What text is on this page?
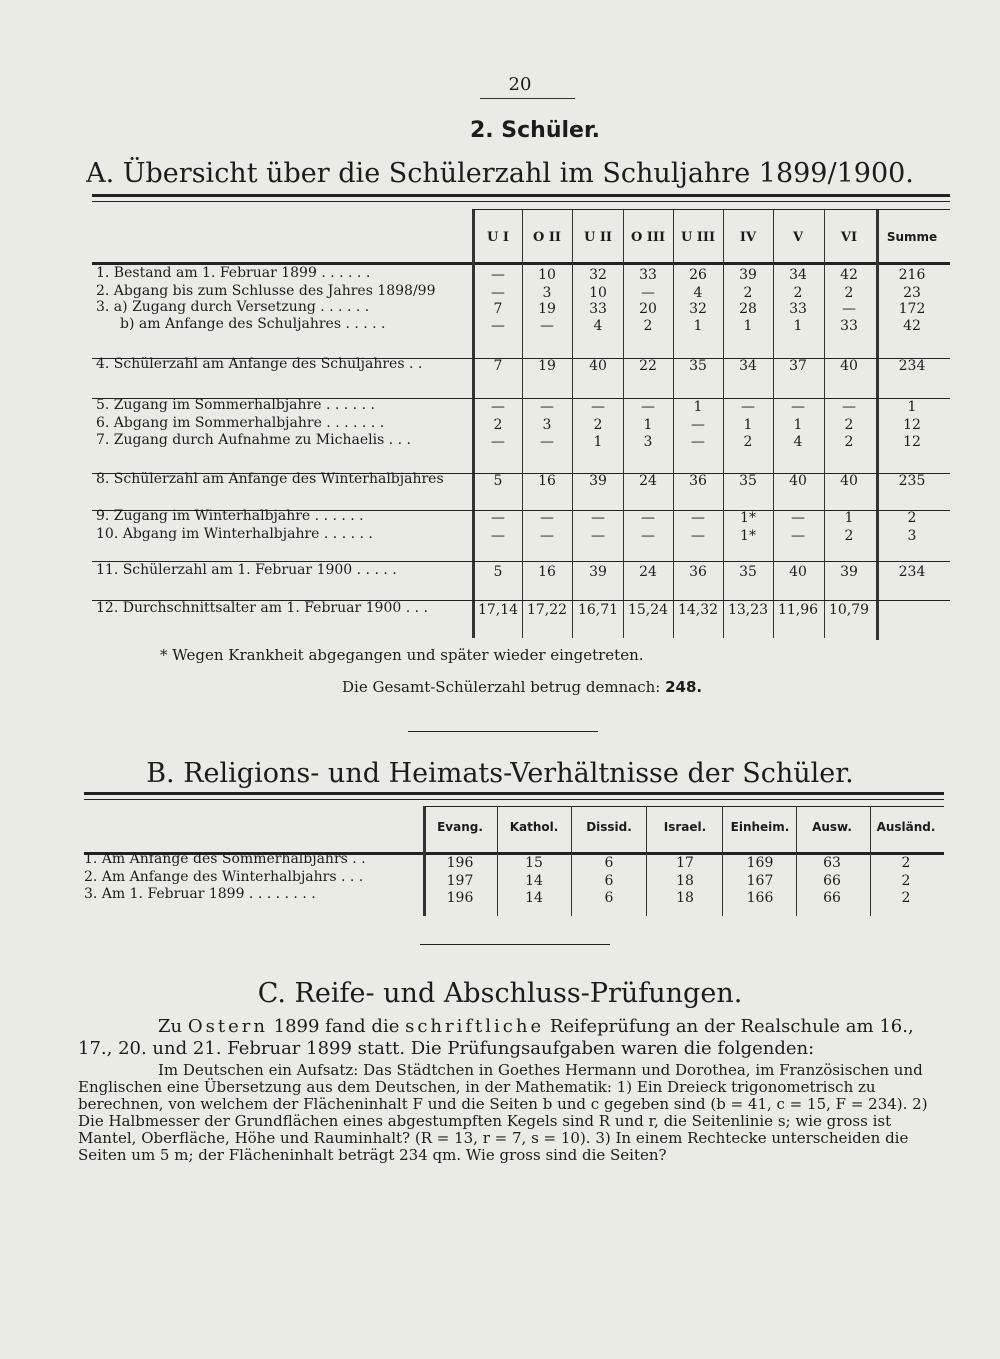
20
2. Schüler.
A. Übersicht über die Schülerzahl im Schuljahre 1899/1900.
U I	O II	U II	O III	U III	IV	V	VI	Summe
1. Bestand am 1. Februar 1899 . . . . . .	—	10	32	33	26	39	34	42	216
2. Abgang bis zum Schlusse des Jahres 1898/99	—	3	10	—	4	2	2	2	23
3. a) Zugang durch Versetzung . . . . . .	7	19	33	20	32	28	33	—	172
b) am Anfange des Schuljahres . . . . .	—	—	4	2	1	1	1	33	42
4. Schülerzahl am Anfange des Schuljahres . .	7	19	40	22	35	34	37	40	234
5. Zugang im Sommerhalbjahre . . . . . .	—	—	—	—	1	—	—	—	1
6. Abgang im Sommerhalbjahre . . . . . . .	2	3	2	1	—	1	1	2	12
7. Zugang durch Aufnahme zu Michaelis . . .	—	—	1	3	—	2	4	2	12
8. Schülerzahl am Anfange des Winterhalbjahres	5	16	39	24	36	35	40	40	235
9. Zugang im Winterhalbjahre . . . . . .	—	—	—	—	—	1*	—	1	2
10. Abgang im Winterhalbjahre . . . . . .	—	—	—	—	—	1*	—	2	3
11. Schülerzahl am 1. Februar 1900 . . . . .	5	16	39	24	36	35	40	39	234
12. Durchschnittsalter am 1. Februar 1900 . . .	17,14 17,22 16,71 15,24 14,32 13,23 11,96 10,79
* Wegen Krankheit abgegangen und später wieder eingetreten.
Die Gesamt-Schülerzahl betrug demnach: 248.
B. Religions- und Heimats-Verhältnisse der Schüler.
Evang.	Kathol.	Dissid.	Israel.	Einheim.	Ausw.	Ausländ.
1. Am Anfange des Sommerhalbjahrs . .	196	15	6	17	169	63	2
2. Am Anfange des Winterhalbjahrs . . .	197	14	6	18	167	66	2
3. Am 1. Februar 1899 . . . . . . . .	196	14	6	18	166	66	2
C. Reife- und Abschluss-Prüfungen.
Zu Ostern 1899 fand die schriftliche Reifeprüfung an der Realschule am 16., 17., 20. und 21. Februar 1899 statt. Die Prüfungsaufgaben waren die folgenden:
Im Deutschen ein Aufsatz: Das Städtchen in Goethes Hermann und Dorothea, im Französischen und Englischen eine Übersetzung aus dem Deutschen, in der Mathematik: 1) Ein Dreieck trigonometrisch zu berechnen, von welchem der Flächeninhalt F und die Seiten b und c gegeben sind (b = 41, c = 15, F = 234). 2) Die Halbmesser der Grundflächen eines abgestumpften Kegels sind R und r, die Seitenlinie s; wie gross ist Mantel, Oberfläche, Höhe und Rauminhalt? (R = 13, r = 7, s = 10). 3) In einem Rechtecke unterscheiden die Seiten um 5 m; der Flächeninhalt beträgt 234 qm. Wie gross sind die Seiten?
